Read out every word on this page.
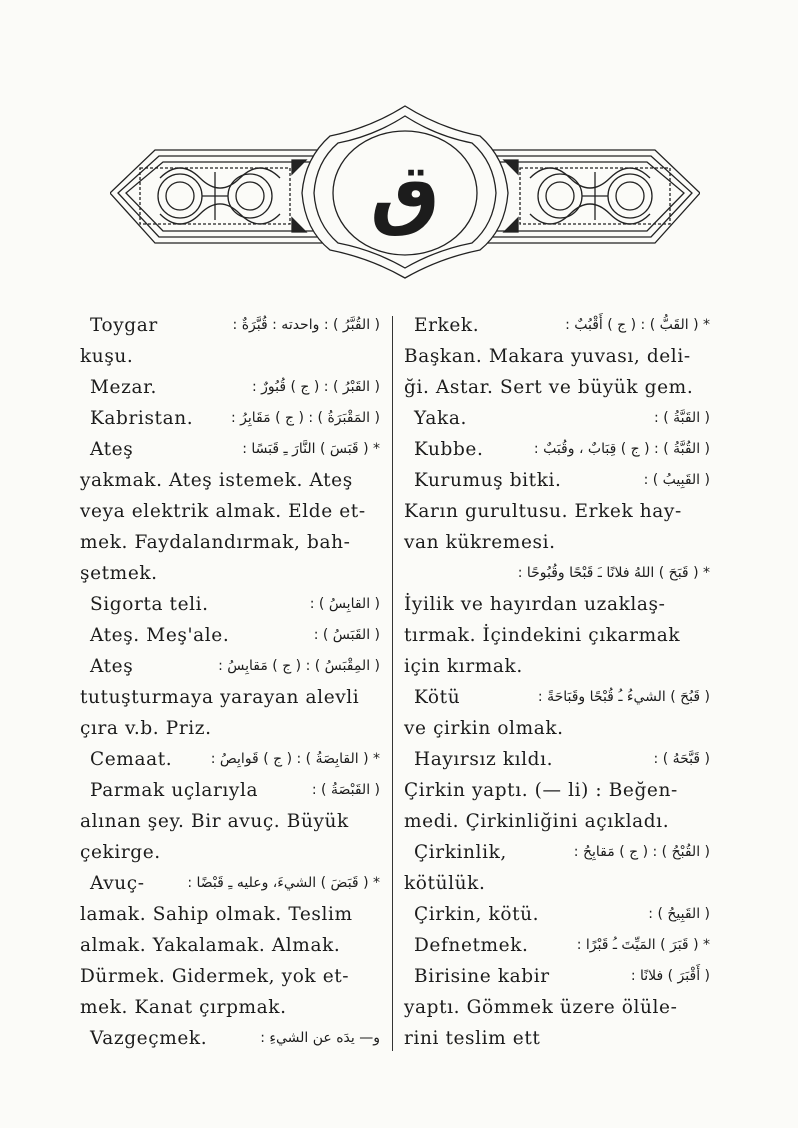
ق
Toygar	( القُبَّرُ ) : واحدته : قُبَّرَةٌ :
kuşu.
Mezar.	( القَبْرُ ) : ( ج ) قُبُورٌ :
Kabristan.	( المَقْبَرَةُ ) : ( ج ) مَقَابِرُ :
Ateş	* ( قَبَسَ ) النَّارَ ـِ قَبَسًا :
yakmak. Ateş istemek. Ateş
veya elektrik almak. Elde et-
mek. Faydalandırmak, bah-
şetmek.
Sigorta teli.	( القابِسُ ) :
Ateş. Meş'ale.	( القَبَسُ ) :
Ateş	( المِقْبَسُ ) : ( ج ) مَقابِسُ :
tutuşturmaya yarayan alevli
çıra v.b. Priz.
Cemaat.	* ( القابِصَةُ ) : ( ج ) قَوابِصُ :
Parmak uçlarıyla	( القَبْصَةُ ) :
alınan şey. Bir avuç. Büyük
çekirge.
Avuç-	* ( قَبَضَ ) الشيءَ، وعليه ـِ قَبْضًا :
lamak. Sahip olmak. Teslim
almak. Yakalamak. Almak.
Dürmek. Gidermek, yok et-
mek. Kanat çırpmak.
Vazgeçmek.	و— يدَه عن الشيءِ :
Erkek.	* ( القَبُّ ) : ( ج ) أَقْبُبٌ :
Başkan. Makara yuvası, deli-
ği. Astar. Sert ve büyük gem.
Yaka.	( القَبَّةُ ) :
Kubbe.	( القُبَّةُ ) : ( ج ) قِبَابٌ ، وقُبَبٌ :
Kurumuş bitki.	( القَبِيبُ ) :
Karın gurultusu. Erkek hay-
van kükremesi.
* ( قَبَحَ ) اللهُ فلانًا ـَ قَبْحًا وقُبُوحًا :
İyilik ve hayırdan uzaklaş-
tırmak. İçindekini çıkarmak
için kırmak.
Kötü	( قَبُحَ ) الشيءُ ـُ قُبْحًا وقَبَاحَةً :
ve çirkin olmak.
Hayırsız kıldı.	( قَبَّحَهُ ) :
Çirkin yaptı. (— li) : Beğen-
medi. Çirkinliğini açıkladı.
Çirkinlik,	( القُبْحُ ) : ( ج ) مَقابِحُ :
kötülük.
Çirkin, kötü.	( القَبِيحُ ) :
Defnetmek.	* ( قَبَرَ ) المَيِّتَ ـُ قَبْرًا :
Birisine kabir	( أَقْبَرَ ) فلانًا :
yaptı. Gömmek üzere ölüle-
rini teslim ett
